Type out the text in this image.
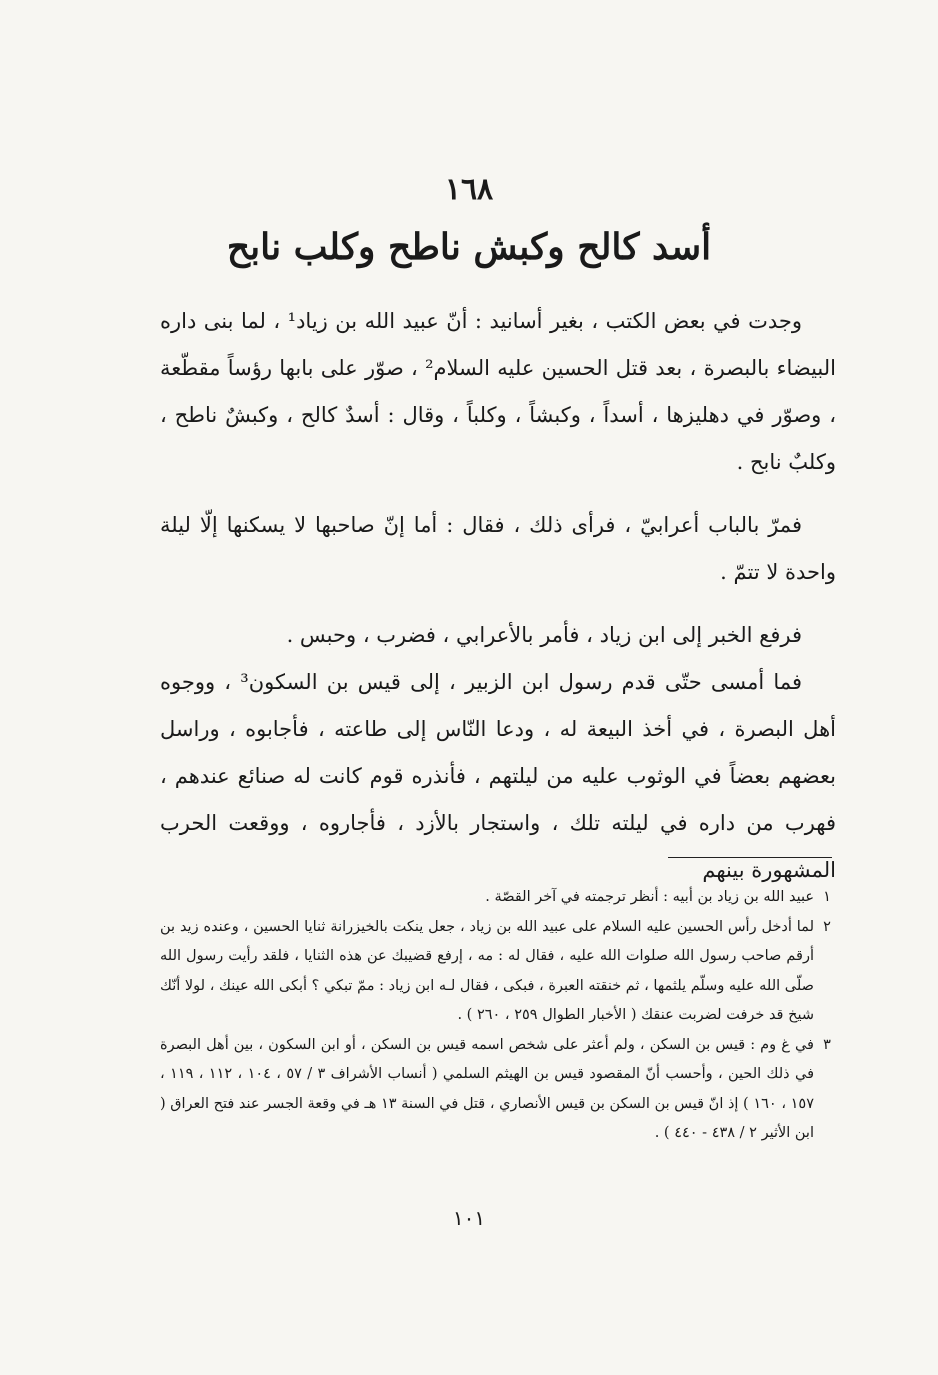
١٦٨
أسد كالح وكبش ناطح وكلب نابح

وجدت في بعض الكتب ، بغير أسانيد : أنّ عبيد الله بن زياد¹ ، لما بنى داره البيضاء بالبصرة ، بعد قتل الحسين عليه السلام² ، صوّر على بابها رؤساً مقطّعة ، وصوّر في دهليزها ، أسداً ، وكبشاً ، وكلباً ، وقال : أسدٌ كالح ، وكبشٌ ناطح ، وكلبٌ نابح .

فمرّ بالباب أعرابيّ ، فرأى ذلك ، فقال : أما إنّ صاحبها لا يسكنها إلّا ليلة واحدة لا تتمّ .

فرفع الخبر إلى ابن زياد ، فأمر بالأعرابي ، فضرب ، وحبس .

فما أمسى حتّى قدم رسول ابن الزبير ، إلى قيس بن السكون³ ، ووجوه أهل البصرة ، في أخذ البيعة له ، ودعا النّاس إلى طاعته ، فأجابوه ، وراسل بعضهم بعضاً في الوثوب عليه من ليلتهم ، فأنذره قوم كانت له صنائع عندهم ، فهرب من داره في ليلته تلك ، واستجار بالأزد ، فأجاروه ، ووقعت الحرب المشهورة بينهم

١
عبيد الله بن زياد بن أبيه : أنظر ترجمته في آخر القصّة .
٢
لما أدخل رأس الحسين عليه السلام على عبيد الله بن زياد ، جعل ينكت بالخيزرانة ثنايا الحسين ، وعنده زيد بن أرقم صاحب رسول الله صلوات الله عليه ، فقال له : مه ، إرفع قضيبك عن هذه الثنايا ، فلقد رأيت رسول الله صلّى الله عليه وسلّم يلثمها ، ثم خنقته العبرة ، فبكى ، فقال لـه ابن زياد : ممّ تبكي ؟ أبكى الله عينك ، لولا أنّك شيخ قد خرفت لضربت عنقك ( الأخبار الطوال ٢٥٩ ، ٢٦٠ ) .
٣
في غ وم : قيس بن السكن ، ولم أعثر على شخص اسمه قيس بن السكن ، أو ابن السكون ، بين أهل البصرة في ذلك الحين ، وأحسب أنّ المقصود قيس بن الهيثم السلمي ( أنساب الأشراف ٣ / ٥٧ ، ١٠٤ ، ١١٢ ، ١١٩ ، ١٥٧ ، ١٦٠ ) إذ انّ قيس بن السكن بن قيس الأنصاري ، قتل في السنة ١٣ هـ في وقعة الجسر عند فتح العراق ( ابن الأثير ٢ / ٤٣٨ - ٤٤٠ ) .
١٠١
